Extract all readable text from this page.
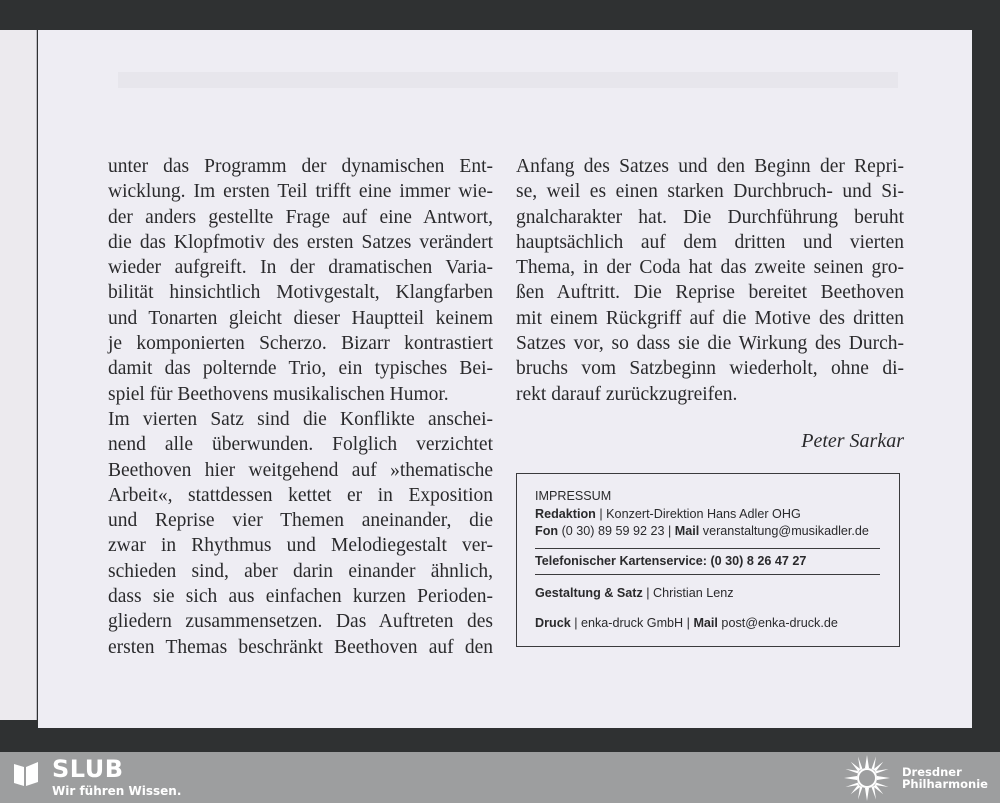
unter das Programm der dynamischen Ent-

wicklung. Im ersten Teil trifft eine immer wie-

der anders gestellte Frage auf eine Antwort,

die das Klopfmotiv des ersten Satzes verändert

wieder aufgreift. In der dramatischen Varia-

bilität hinsichtlich Motivgestalt, Klangfarben

und Tonarten gleicht dieser Hauptteil keinem

je komponierten Scherzo. Bizarr kontrastiert

damit das polternde Trio, ein typisches Bei-

spiel für Beethovens musikalischen Humor.

Im vierten Satz sind die Konflikte anschei-

nend alle überwunden. Folglich verzichtet

Beethoven hier weitgehend auf »thematische

Arbeit«, stattdessen kettet er in Exposition

und Reprise vier Themen aneinander, die

zwar in Rhythmus und Melodiegestalt ver-

schieden sind, aber darin einander ähnlich,

dass sie sich aus einfachen kurzen Perioden-

gliedern zusammensetzen. Das Auftreten des

ersten Themas beschränkt Beethoven auf den

Anfang des Satzes und den Beginn der Repri-

se, weil es einen starken Durchbruch- und Si-

gnalcharakter hat. Die Durchführung beruht

hauptsächlich auf dem dritten und vierten

Thema, in der Coda hat das zweite seinen gro-

ßen Auftritt. Die Reprise bereitet Beethoven

mit einem Rückgriff auf die Motive des dritten

Satzes vor, so dass sie die Wirkung des Durch-

bruchs vom Satzbeginn wiederholt, ohne di-

rekt darauf zurückzugreifen.

Peter Sarkar
IMPRESSUM
Redaktion | Konzert-Direktion Hans Adler OHG
Fon (0 30) 89 59 92 23 | Mail veranstaltung@musikadler.de
Telefonischer Kartenservice: (0 30) 8 26 47 27
Gestaltung & Satz | Christian Lenz
Druck | enka-druck GmbH | Mail post@enka-druck.de
SLUB
Wir führen Wissen.
Dresdner
Philharmonie
